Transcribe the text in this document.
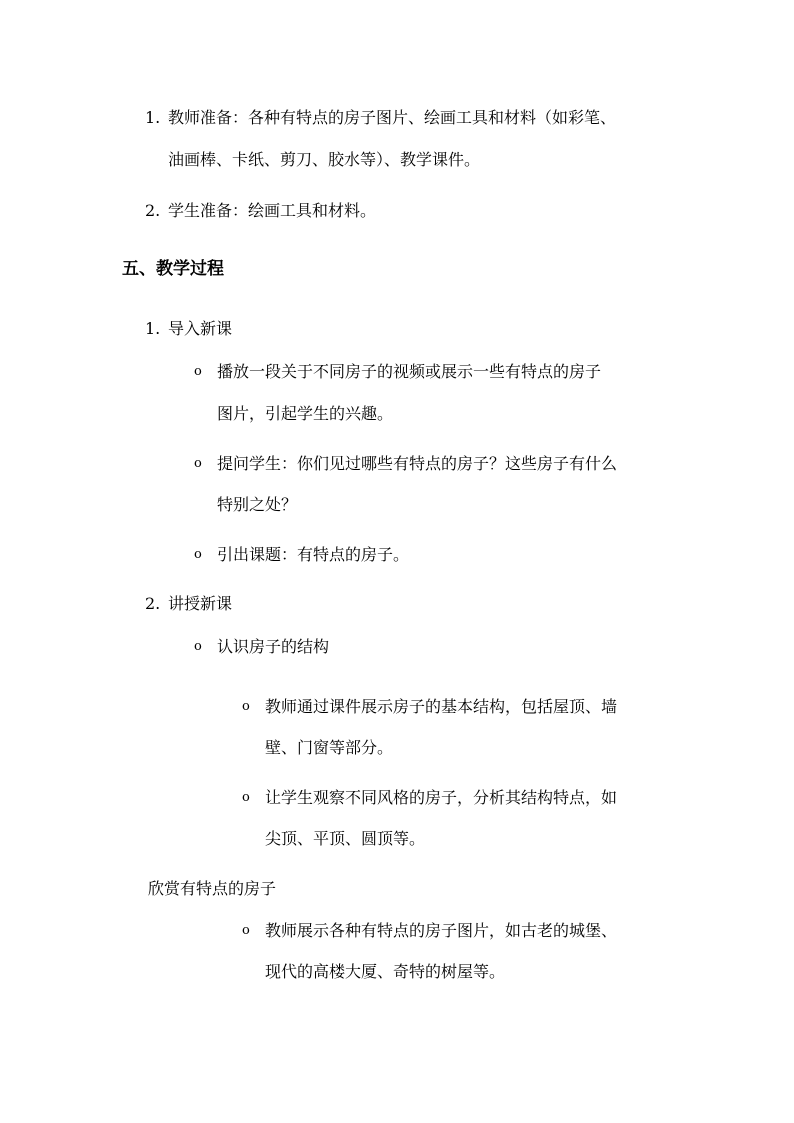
1. 教师准备：各种有特点的房子图片、绘画工具和材料（如彩笔、
油画棒、卡纸、剪刀、胶水等）、教学课件。
2. 学生准备：绘画工具和材料。
五、教学过程
1. 导入新课
o 播放一段关于不同房子的视频或展示一些有特点的房子
图片，引起学生的兴趣。
o 提问学生：你们见过哪些有特点的房子？这些房子有什么
特别之处？
o 引出课题：有特点的房子。
2. 讲授新课
o 认识房子的结构
o 教师通过课件展示房子的基本结构，包括屋顶、墙
壁、门窗等部分。
o 让学生观察不同风格的房子，分析其结构特点，如
尖顶、平顶、圆顶等。
欣赏有特点的房子
o 教师展示各种有特点的房子图片，如古老的城堡、
现代的高楼大厦、奇特的树屋等。
